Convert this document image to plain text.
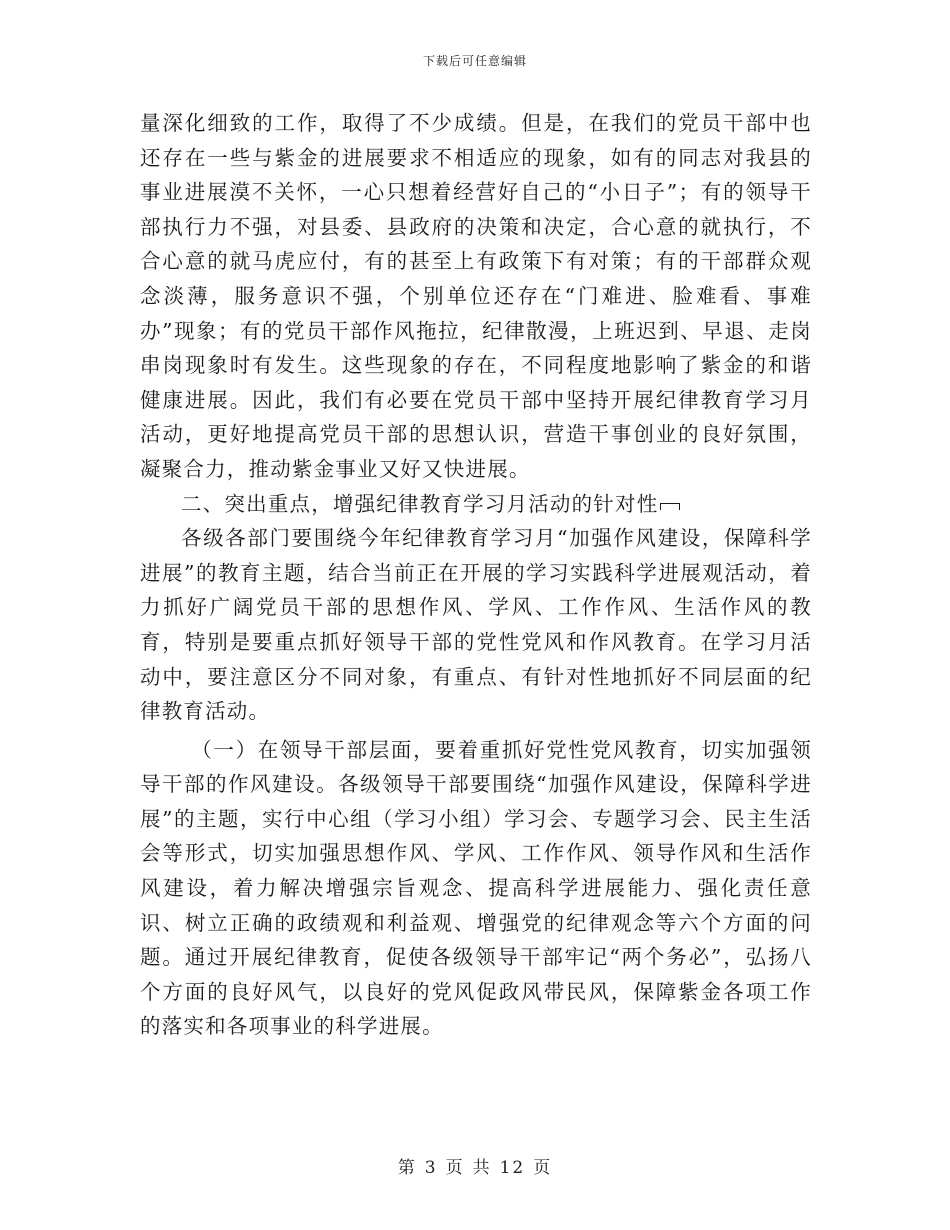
下载后可任意编辑

量深化细致的工作，取得了不少成绩。但是，在我们的党员干部中也还存在一些与紫金的进展要求不相适应的现象，如有的同志对我县的事业进展漠不关怀，一心只想着经营好自己的“小日子”；有的领导干部执行力不强，对县委、县政府的决策和决定，合心意的就执行，不合心意的就马虎应付，有的甚至上有政策下有对策；有的干部群众观念淡薄，服务意识不强，个别单位还存在“门难进、脸难看、事难办”现象；有的党员干部作风拖拉，纪律散漫，上班迟到、早退、走岗串岗现象时有发生。这些现象的存在，不同程度地影响了紫金的和谐健康进展。因此，我们有必要在党员干部中坚持开展纪律教育学习月活动，更好地提高党员干部的思想认识，营造干事创业的良好氛围，凝聚合力，推动紫金事业又好又快进展。

二、突出重点，增强纪律教育学习月活动的针对性

各级各部门要围绕今年纪律教育学习月“加强作风建设，保障科学进展”的教育主题，结合当前正在开展的学习实践科学进展观活动，着力抓好广阔党员干部的思想作风、学风、工作作风、生活作风的教育，特别是要重点抓好领导干部的党性党风和作风教育。在学习月活动中，要注意区分不同对象，有重点、有针对性地抓好不同层面的纪律教育活动。

（一）在领导干部层面，要着重抓好党性党风教育，切实加强领导干部的作风建设。各级领导干部要围绕“加强作风建设，保障科学进展”的主题，实行中心组（学习小组）学习会、专题学习会、民主生活会等形式，切实加强思想作风、学风、工作作风、领导作风和生活作风建设，着力解决增强宗旨观念、提高科学进展能力、强化责任意识、树立正确的政绩观和利益观、增强党的纪律观念等六个方面的问题。通过开展纪律教育，促使各级领导干部牢记“两个务必”，弘扬八个方面的良好风气，以良好的党风促政风带民风，保障紫金各项工作的落实和各项事业的科学进展。

第 3 页 共 12 页
